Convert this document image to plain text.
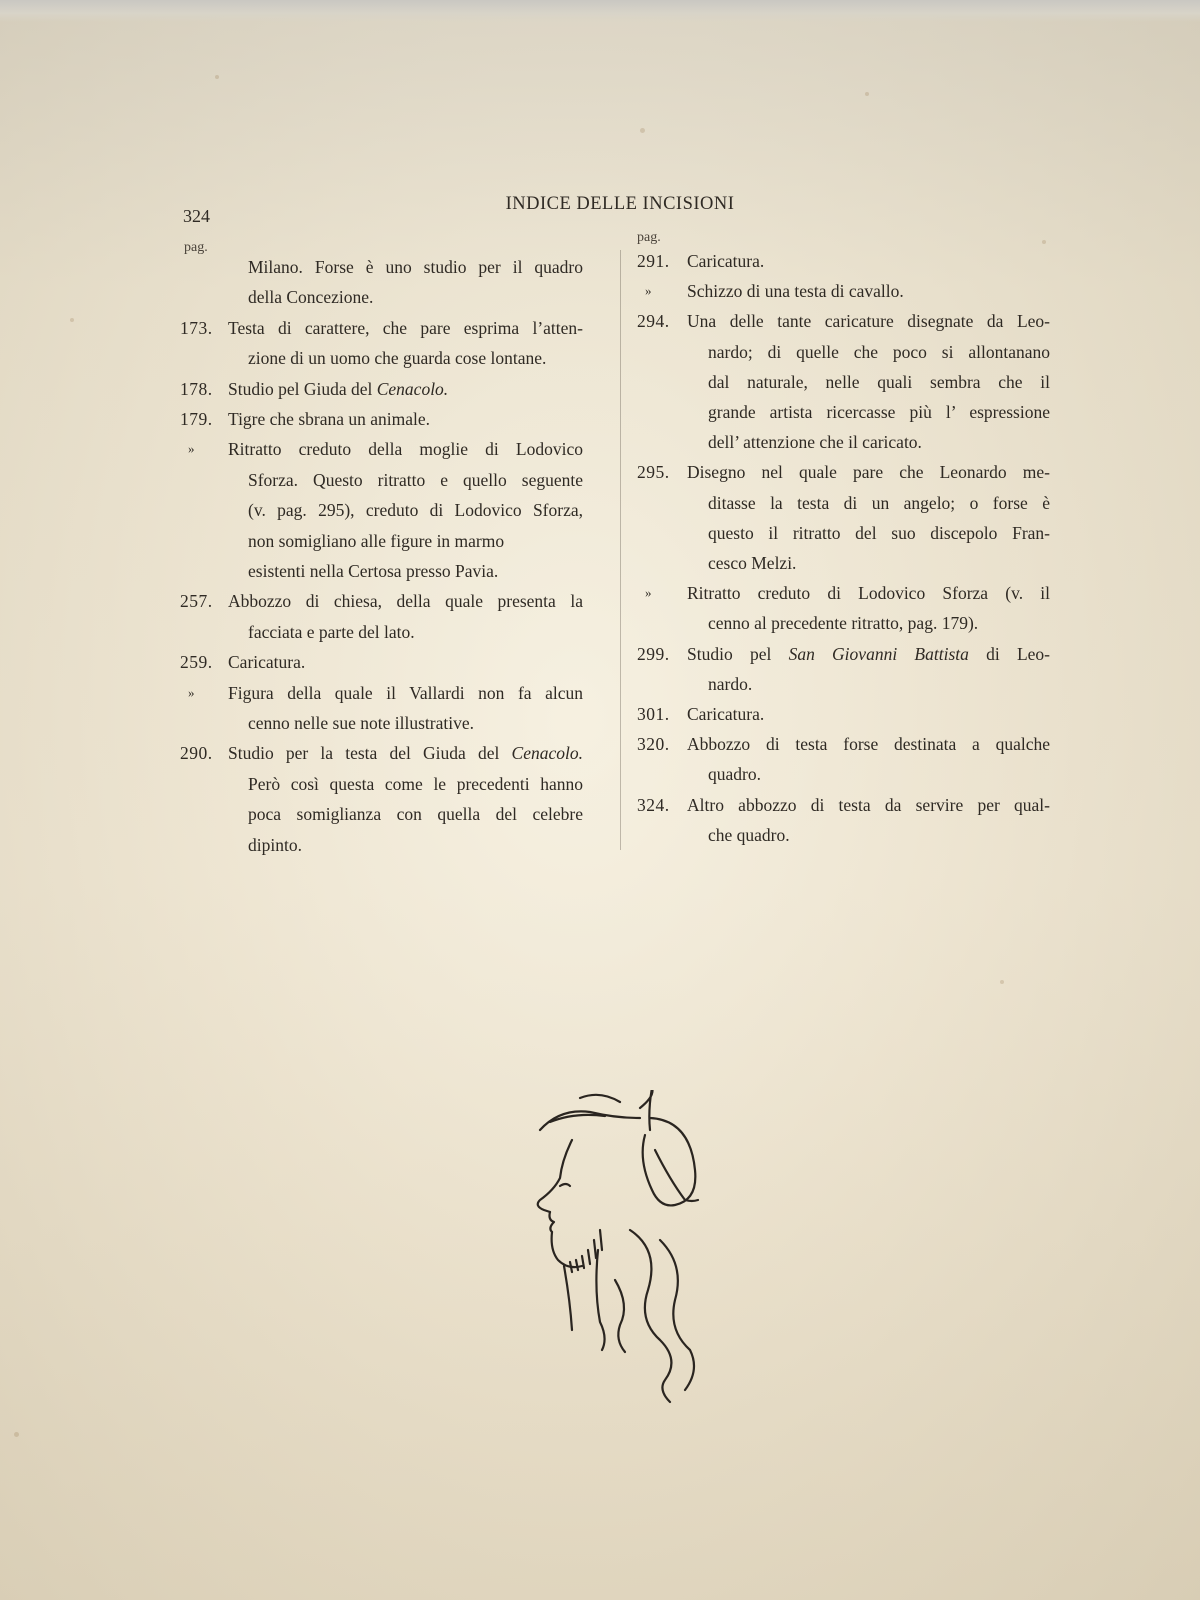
324
INDICE DELLE INCISIONI
pag.
pag.
Milano. Forse è uno studio per il quadro
della Concezione.
173. Testa di carattere, che pare esprima l’atten-
zione di un uomo che guarda cose lontane.
178. Studio pel Giuda del Cenacolo.
179. Tigre che sbrana un animale.
» Ritratto creduto della moglie di Lodovico
Sforza. Questo ritratto e quello seguente
(v. pag. 295), creduto di Lodovico Sforza,
non somigliano alle figure in marmo
esistenti nella Certosa presso Pavia.
257. Abbozzo di chiesa, della quale presenta la
facciata e parte del lato.
259. Caricatura.
» Figura della quale il Vallardi non fa alcun
cenno nelle sue note illustrative.
290. Studio per la testa del Giuda del Cenacolo.
Però così questa come le precedenti hanno
poca somiglianza con quella del celebre
dipinto.
291. Caricatura.
» Schizzo di una testa di cavallo.
294. Una delle tante caricature disegnate da Leo-
nardo; di quelle che poco si allontanano
dal naturale, nelle quali sembra che il
grande artista ricercasse più l’ espressione
dell’ attenzione che il caricato.
295. Disegno nel quale pare che Leonardo me-
ditasse la testa di un angelo; o forse è
questo il ritratto del suo discepolo Fran-
cesco Melzi.
» Ritratto creduto di Lodovico Sforza (v. il
cenno al precedente ritratto, pag. 179).
299. Studio pel San Giovanni Battista di Leo-
nardo.
301. Caricatura.
320. Abbozzo di testa forse destinata a qualche
quadro.
324. Altro abbozzo di testa da servire per qual-
che quadro.
